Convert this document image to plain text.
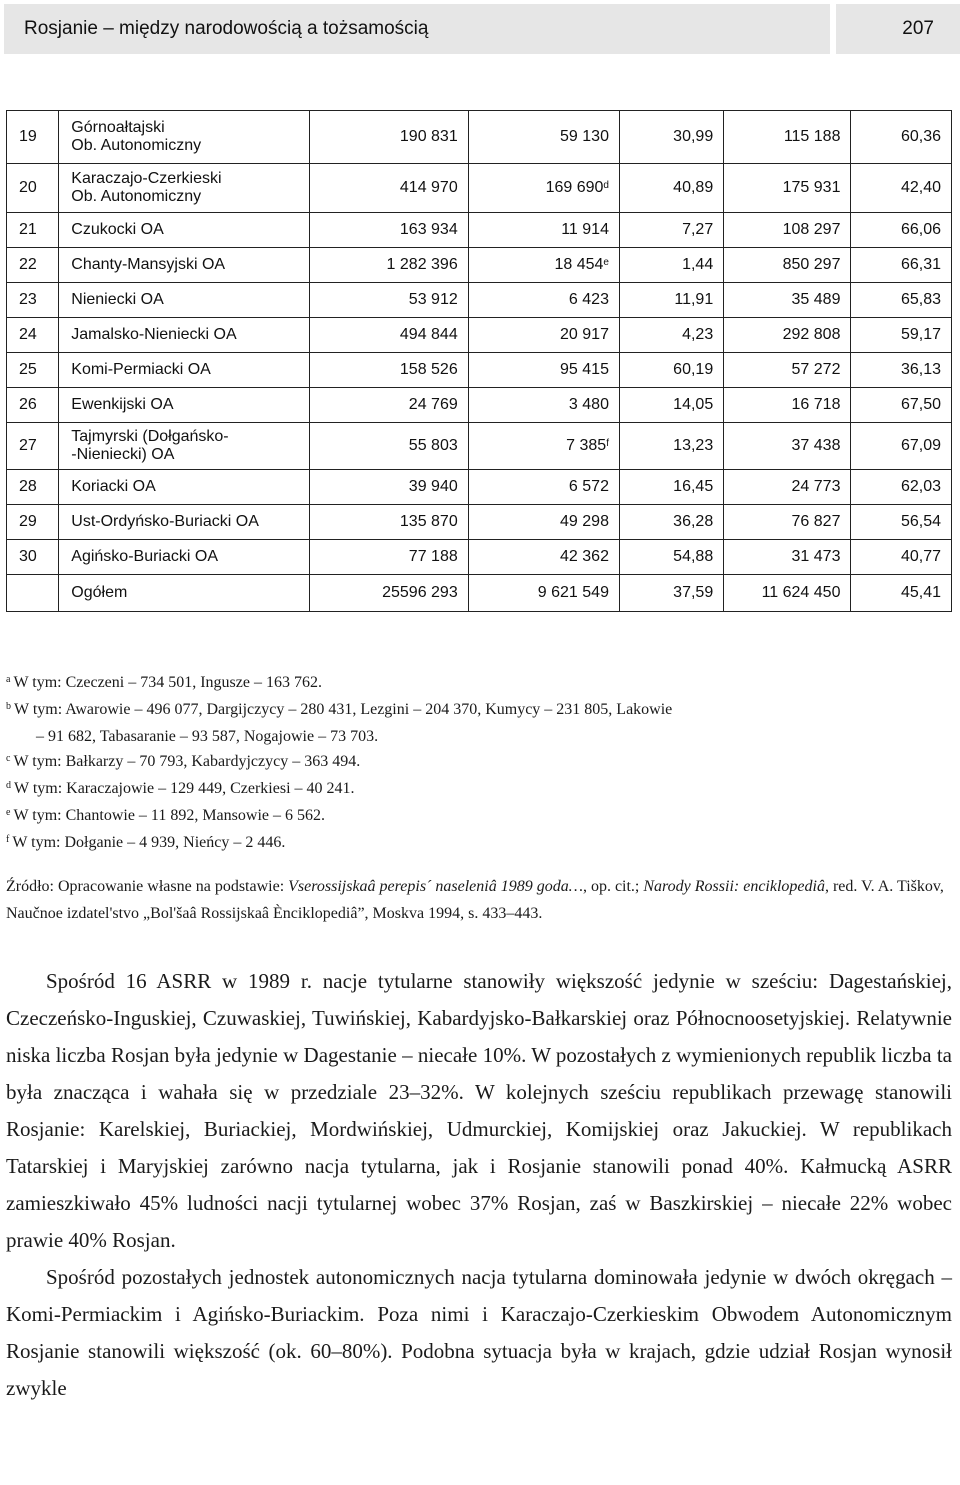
Rosjanie – między narodowością a tożsamością	207
19	Górnoałtajski
Ob. Autonomiczny	190 831	59 130	30,99	115 188	60,36
20	Karaczajo-Czerkieski
Ob. Autonomiczny	414 970	169 690$^d$	40,89	175 931	42,40
21	Czukocki OA	163 934	11 914	7,27	108 297	66,06
22	Chanty-Mansyjski OA	1 282 396	18 454e	1,44	850 297	66,31
23	Nieniecki OA	53 912	6 423	11,91	35 489	65,83
24	Jamalsko-Nieniecki OA	494 844	20 917	4,23	292 808	59,17
25	Komi-Permiacki OA	158 526	95 415	60,19	57 272	36,13
26	Ewenkijski OA	24 769	3 480	14,05	16 718	67,50
27	Tajmyrski (Dołgańsko-
-Nieniecki) OA	55 803	7 385$^f$	13,23	37 438	67,09
28	Koriacki OA	39 940	6 572	16,45	24 773	62,03
29	Ust-Ordyńsko-Buriacki OA	135 870	49 298	36,28	76 827	56,54
30	Agińsko-Buriacki OA	77 188	42 362	54,88	31 473	40,77
	Ogółem	25596 293	9 621 549	37,59	11 624 450	45,41

$^a$ W tym: Czeczeni – 734 501, Ingusze – 163 762.

$^b$ W tym: Awarowie – 496 077, Dargijczycy – 280 431, Lezgini – 204 370, Kumycy – 231 805, Lakowie

– 91 682, Tabasaranie – 93 587, Nogajowie – 73 703.

$^c$ W tym: Bałkarzy – 70 793, Kabardyjczycy – 363 494.

$^d$ W tym: Karaczajowie – 129 449, Czerkiesi – 40 241.

$^e$ W tym: Chantowie – 11 892, Mansowie – 6 562.

$^f$ W tym: Dołganie – 4 939, Nieńcy – 2 446.

Źródło: Opracowanie własne na podstawie: Vserossijskaâ perepis´ naseleniâ 1989 goda…, op. cit.; Narody Rossii: enciklopediâ, red. V. A. Tiškov, Naučnoe izdatel'stvo „Bol'šaâ Rossijskaâ Ènciklopediâ”, Moskva 1994, s. 433–443.

Spośród 16 ASRR w 1989 r. nacje tytularne stanowiły większość jedynie w sześciu: Dagestańskiej, Czeczeńsko-Inguskiej, Czuwaskiej, Tuwińskiej, Kabardyjsko-Bałkarskiej oraz Północnoosetyjskiej. Relatywnie niska liczba Rosjan była jedynie w Dagestanie – niecałe 10%. W pozostałych z wymienionych republik liczba ta była znacząca i wahała się w przedziale 23–32%. W kolejnych sześciu republikach przewagę stanowili Rosjanie: Karelskiej, Buriackiej, Mordwińskiej, Udmurckiej, Komijskiej oraz Jakuckiej. W republikach Tatarskiej i Maryjskiej zarówno nacja tytularna, jak i Rosjanie stanowili ponad 40%. Kałmucką ASRR zamieszkiwało 45% ludności nacji tytularnej wobec 37% Rosjan, zaś w Baszkirskiej – niecałe 22% wobec prawie 40% Rosjan.

Spośród pozostałych jednostek autonomicznych nacja tytularna dominowała jedynie w dwóch okręgach – Komi-Permiackim i Agińsko-Buriackim. Poza nimi i Karaczajo-Czerkieskim Obwodem Autonomicznym Rosjanie stanowili większość (ok. 60–80%). Podobna sytuacja była w krajach, gdzie udział Rosjan wynosił zwykle
